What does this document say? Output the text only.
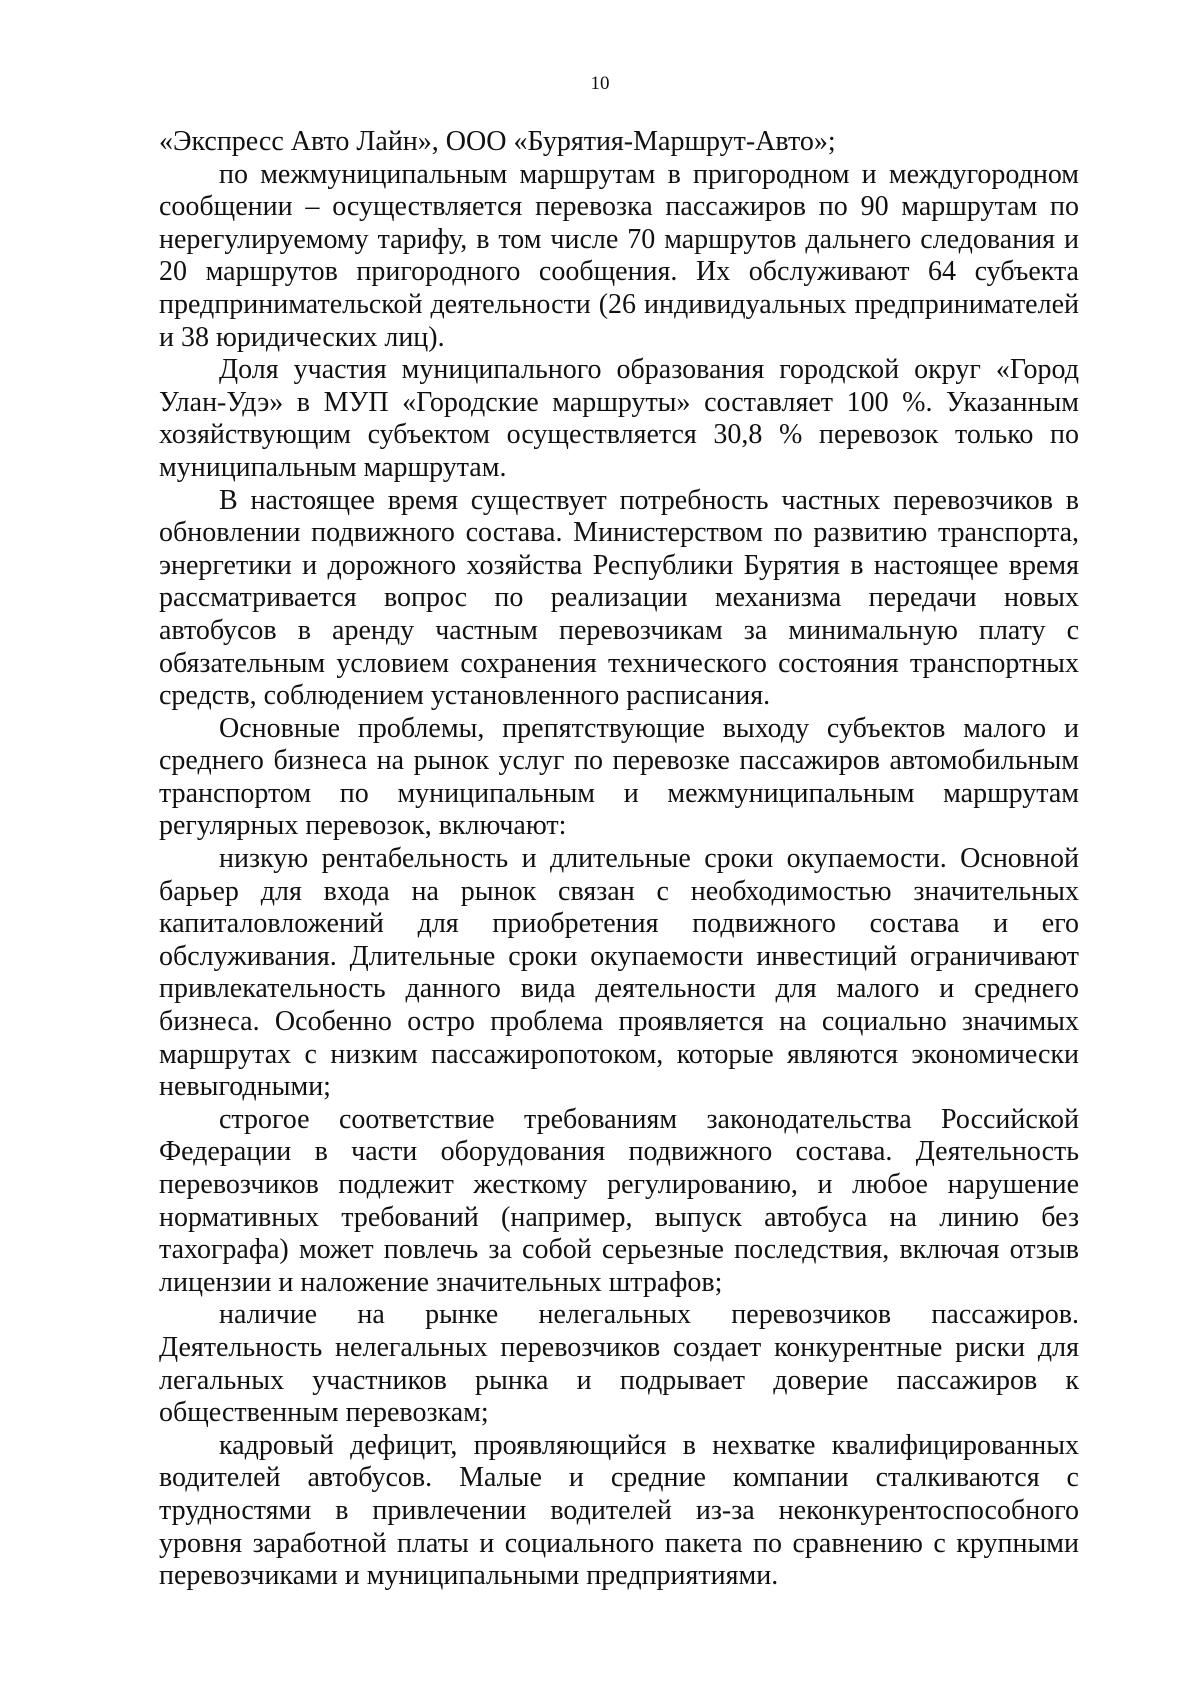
10

«Экспресс Авто Лайн», ООО «Бурятия-Маршрут-Авто»;

по межмуниципальным маршрутам в пригородном и междугородном сообщении – осуществляется перевозка пассажиров по 90 маршрутам по нерегулируемому тарифу, в том числе 70 маршрутов дальнего следования и 20 маршрутов пригородного сообщения. Их обслуживают 64 субъекта предпринимательской деятельности (26 индивидуальных предпринимателей и 38 юридических лиц).

Доля участия муниципального образования городской округ «Город Улан-Удэ» в МУП «Городские маршруты» составляет 100 %. Указанным хозяйствующим субъектом осуществляется 30,8 % перевозок только по муниципальным маршрутам.

В настоящее время существует потребность частных перевозчиков в обновлении подвижного состава. Министерством по развитию транспорта, энергетики и дорожного хозяйства Республики Бурятия в настоящее время рассматривается вопрос по реализации механизма передачи новых автобусов в аренду частным перевозчикам за минимальную плату с обязательным условием сохранения технического состояния транспортных средств, соблюдением установленного расписания.

Основные проблемы, препятствующие выходу субъектов малого и среднего бизнеса на рынок услуг по перевозке пассажиров автомобильным транспортом по муниципальным и межмуниципальным маршрутам регулярных перевозок, включают:

низкую рентабельность и длительные сроки окупаемости. Основной барьер для входа на рынок связан с необходимостью значительных капиталовложений для приобретения подвижного состава и его обслуживания. Длительные сроки окупаемости инвестиций ограничивают привлекательность данного вида деятельности для малого и среднего бизнеса. Особенно остро проблема проявляется на социально значимых маршрутах с низким пассажиропотоком, которые являются экономически невыгодными;

строгое соответствие требованиям законодательства Российской Федерации в части оборудования подвижного состава. Деятельность перевозчиков подлежит жесткому регулированию, и любое нарушение нормативных требований (например, выпуск автобуса на линию без тахографа) может повлечь за собой серьезные последствия, включая отзыв лицензии и наложение значительных штрафов;

наличие на рынке нелегальных перевозчиков пассажиров. Деятельность нелегальных перевозчиков создает конкурентные риски для легальных участников рынка и подрывает доверие пассажиров к общественным перевозкам;

кадровый дефицит, проявляющийся в нехватке квалифицированных водителей автобусов. Малые и средние компании сталкиваются с трудностями в привлечении водителей из-за неконкурентоспособного уровня заработной платы и социального пакета по сравнению с крупными перевозчиками и муниципальными предприятиями.
